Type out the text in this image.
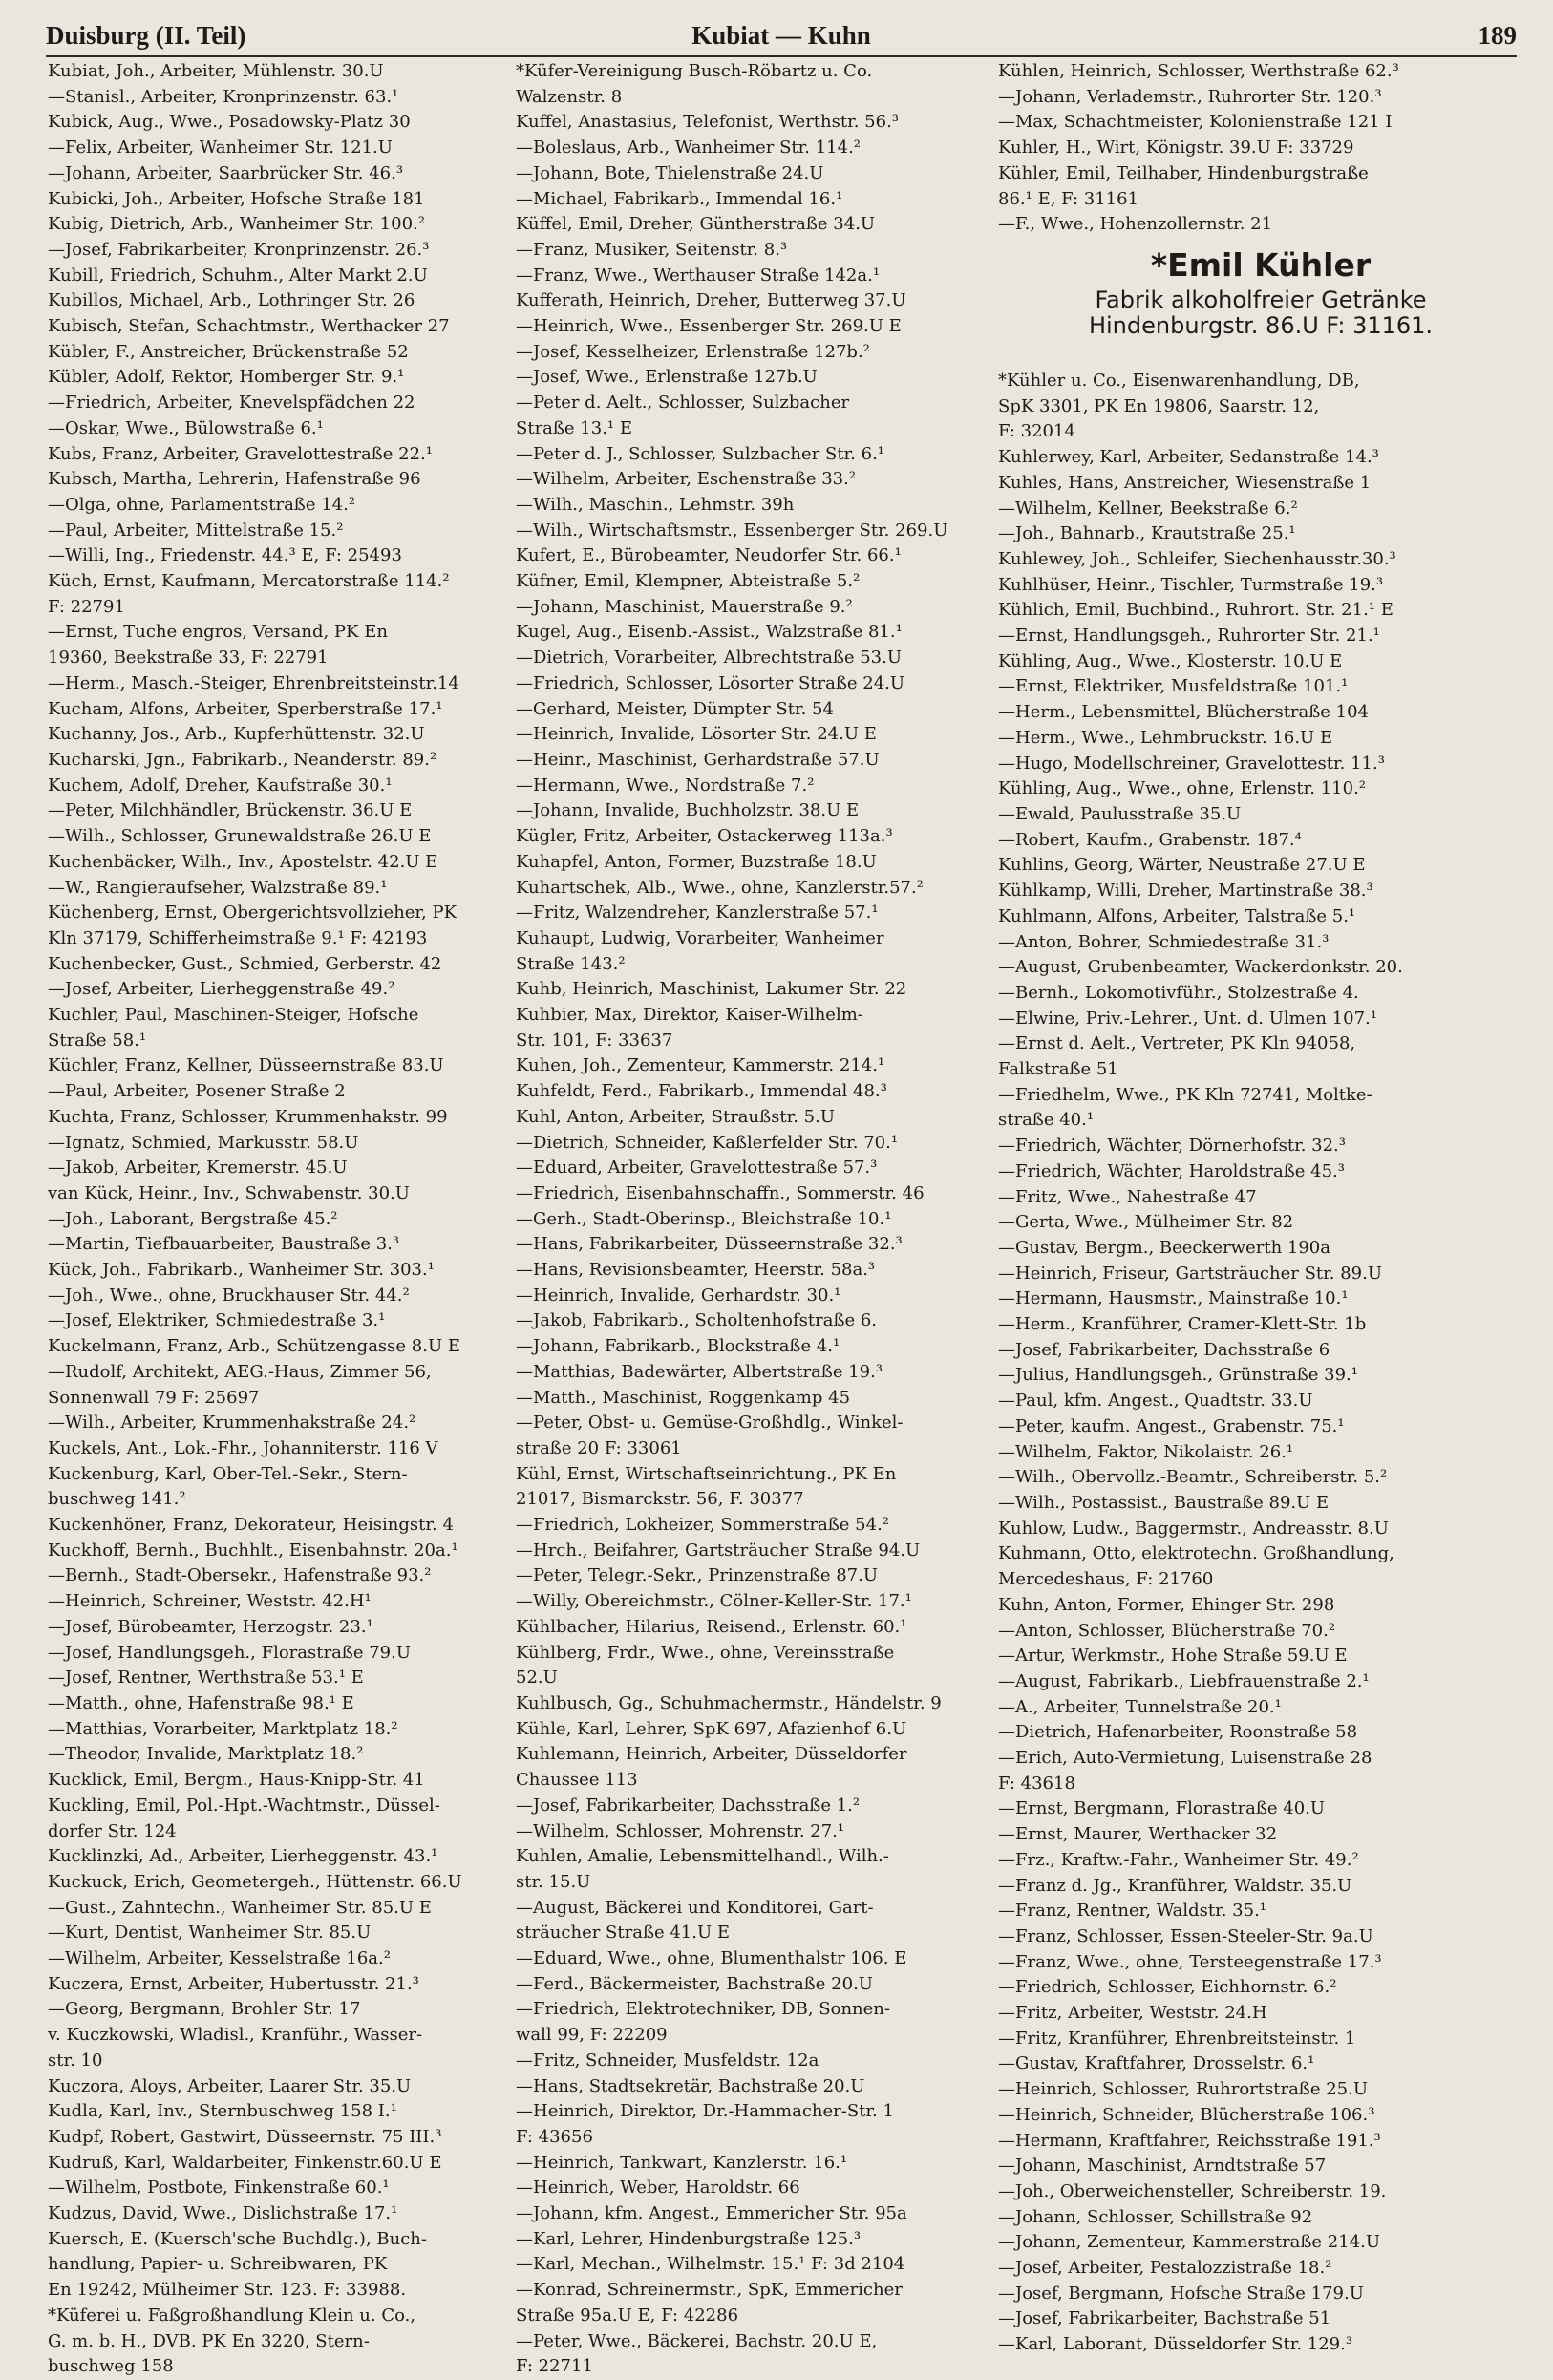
Duisburg (II. Teil)	Kubiat — Kuhn	189
Kubiat, Joh., Arbeiter, Mühlenstr. 30.U
—Stanisl., Arbeiter, Kronprinzenstr. 63.¹
Kubick, Aug., Wwe., Posadowsky-Platz 30
—Felix, Arbeiter, Wanheimer Str. 121.U
—Johann, Arbeiter, Saarbrücker Str. 46.³
Kubicki, Joh., Arbeiter, Hofsche Straße 181
Kubig, Dietrich, Arb., Wanheimer Str. 100.²
—Josef, Fabrikarbeiter, Kronprinzenstr. 26.³
Kubill, Friedrich, Schuhm., Alter Markt 2.U
Kubillos, Michael, Arb., Lothringer Str. 26
Kubisch, Stefan, Schachtmstr., Werthacker 27
Kübler, F., Anstreicher, Brückenstraße 52
Kübler, Adolf, Rektor, Homberger Str. 9.¹
—Friedrich, Arbeiter, Knevelspfädchen 22
—Oskar, Wwe., Bülowstraße 6.¹
Kubs, Franz, Arbeiter, Gravelottestraße 22.¹
Kubsch, Martha, Lehrerin, Hafenstraße 96
—Olga, ohne, Parlamentstraße 14.²
—Paul, Arbeiter, Mittelstraße 15.²
—Willi, Ing., Friedenstr. 44.³ E, F: 25493
Küch, Ernst, Kaufmann, Mercatorstraße 114.²
F: 22791
—Ernst, Tuche engros, Versand, PK En
19360, Beekstraße 33, F: 22791
—Herm., Masch.-Steiger, Ehrenbreitsteinstr.14
Kucham, Alfons, Arbeiter, Sperberstraße 17.¹
Kuchanny, Jos., Arb., Kupferhüttenstr. 32.U
Kucharski, Jgn., Fabrikarb., Neanderstr. 89.²
Kuchem, Adolf, Dreher, Kaufstraße 30.¹
—Peter, Milchhändler, Brückenstr. 36.U E
—Wilh., Schlosser, Grunewaldstraße 26.U E
Kuchenbäcker, Wilh., Inv., Apostelstr. 42.U E
—W., Rangieraufseher, Walzstraße 89.¹
Küchenberg, Ernst, Obergerichtsvollzieher, PK
Kln 37179, Schifferheimstraße 9.¹ F: 42193
Kuchenbecker, Gust., Schmied, Gerberstr. 42
—Josef, Arbeiter, Lierheggenstraße 49.²
Kuchler, Paul, Maschinen-Steiger, Hofsche
Straße 58.¹
Küchler, Franz, Kellner, Düsseernstraße 83.U
—Paul, Arbeiter, Posener Straße 2
Kuchta, Franz, Schlosser, Krummenhakstr. 99
—Ignatz, Schmied, Markusstr. 58.U
—Jakob, Arbeiter, Kremerstr. 45.U
van Kück, Heinr., Inv., Schwabenstr. 30.U
—Joh., Laborant, Bergstraße 45.²
—Martin, Tiefbauarbeiter, Baustraße 3.³
Kück, Joh., Fabrikarb., Wanheimer Str. 303.¹
—Joh., Wwe., ohne, Bruckhauser Str. 44.²
—Josef, Elektriker, Schmiedestraße 3.¹
Kuckelmann, Franz, Arb., Schützengasse 8.U E
—Rudolf, Architekt, AEG.-Haus, Zimmer 56,
Sonnenwall 79 F: 25697
—Wilh., Arbeiter, Krummenhakstraße 24.²
Kuckels, Ant., Lok.-Fhr., Johanniterstr. 116 V
Kuckenburg, Karl, Ober-Tel.-Sekr., Stern-
buschweg 141.²
Kuckenhöner, Franz, Dekorateur, Heisingstr. 4
Kuckhoff, Bernh., Buchhlt., Eisenbahnstr. 20a.¹
—Bernh., Stadt-Obersekr., Hafenstraße 93.²
—Heinrich, Schreiner, Weststr. 42.H¹
—Josef, Bürobeamter, Herzogstr. 23.¹
—Josef, Handlungsgeh., Florastraße 79.U
—Josef, Rentner, Werthstraße 53.¹ E
—Matth., ohne, Hafenstraße 98.¹ E
—Matthias, Vorarbeiter, Marktplatz 18.²
—Theodor, Invalide, Marktplatz 18.²
Kucklick, Emil, Bergm., Haus-Knipp-Str. 41
Kuckling, Emil, Pol.-Hpt.-Wachtmstr., Düssel-
dorfer Str. 124
Kucklinzki, Ad., Arbeiter, Lierheggenstr. 43.¹
Kuckuck, Erich, Geometergeh., Hüttenstr. 66.U
—Gust., Zahntechn., Wanheimer Str. 85.U E
—Kurt, Dentist, Wanheimer Str. 85.U
—Wilhelm, Arbeiter, Kesselstraße 16a.²
Kuczera, Ernst, Arbeiter, Hubertusstr. 21.³
—Georg, Bergmann, Brohler Str. 17
v. Kuczkowski, Wladisl., Kranführ., Wasser-
str. 10
Kuczora, Aloys, Arbeiter, Laarer Str. 35.U
Kudla, Karl, Inv., Sternbuschweg 158 I.¹
Kudpf, Robert, Gastwirt, Düsseernstr. 75 III.³
Kudruß, Karl, Waldarbeiter, Finkenstr.60.U E
—Wilhelm, Postbote, Finkenstraße 60.¹
Kudzus, David, Wwe., Dislichstraße 17.¹
Kuersch, E. (Kuersch'sche Buchdlg.), Buch-
handlung, Papier- u. Schreibwaren, PK
En 19242, Mülheimer Str. 123. F: 33988.
*Küferei u. Faßgroßhandlung Klein u. Co.,
G. m. b. H., DVB. PK En 3220, Stern-
buschweg 158
*Küfer-Vereinigung Busch-Röbartz u. Co.
Walzenstr. 8
Kuffel, Anastasius, Telefonist, Werthstr. 56.³
—Boleslaus, Arb., Wanheimer Str. 114.²
—Johann, Bote, Thielenstraße 24.U
—Michael, Fabrikarb., Immendal 16.¹
Küffel, Emil, Dreher, Güntherstraße 34.U
—Franz, Musiker, Seitenstr. 8.³
—Franz, Wwe., Werthauser Straße 142a.¹
Kufferath, Heinrich, Dreher, Butterweg 37.U
—Heinrich, Wwe., Essenberger Str. 269.U E
—Josef, Kesselheizer, Erlenstraße 127b.²
—Josef, Wwe., Erlenstraße 127b.U
—Peter d. Aelt., Schlosser, Sulzbacher
Straße 13.¹ E
—Peter d. J., Schlosser, Sulzbacher Str. 6.¹
—Wilhelm, Arbeiter, Eschenstraße 33.²
—Wilh., Maschin., Lehmstr. 39h
—Wilh., Wirtschaftsmstr., Essenberger Str. 269.U
Kufert, E., Bürobeamter, Neudorfer Str. 66.¹
Küfner, Emil, Klempner, Abteistraße 5.²
—Johann, Maschinist, Mauerstraße 9.²
Kugel, Aug., Eisenb.-Assist., Walzstraße 81.¹
—Dietrich, Vorarbeiter, Albrechtstraße 53.U
—Friedrich, Schlosser, Lösorter Straße 24.U
—Gerhard, Meister, Dümpter Str. 54
—Heinrich, Invalide, Lösorter Str. 24.U E
—Heinr., Maschinist, Gerhardstraße 57.U
—Hermann, Wwe., Nordstraße 7.²
—Johann, Invalide, Buchholzstr. 38.U E
Kügler, Fritz, Arbeiter, Ostackerweg 113a.³
Kuhapfel, Anton, Former, Buzstraße 18.U
Kuhartschek, Alb., Wwe., ohne, Kanzlerstr.57.²
—Fritz, Walzendreher, Kanzlerstraße 57.¹
Kuhaupt, Ludwig, Vorarbeiter, Wanheimer
Straße 143.²
Kuhb, Heinrich, Maschinist, Lakumer Str. 22
Kuhbier, Max, Direktor, Kaiser-Wilhelm-
Str. 101, F: 33637
Kuhen, Joh., Zementeur, Kammerstr. 214.¹
Kuhfeldt, Ferd., Fabrikarb., Immendal 48.³
Kuhl, Anton, Arbeiter, Straußstr. 5.U
—Dietrich, Schneider, Kaßlerfelder Str. 70.¹
—Eduard, Arbeiter, Gravelottestraße 57.³
—Friedrich, Eisenbahnschaffn., Sommerstr. 46
—Gerh., Stadt-Oberinsp., Bleichstraße 10.¹
—Hans, Fabrikarbeiter, Düsseernstraße 32.³
—Hans, Revisionsbeamter, Heerstr. 58a.³
—Heinrich, Invalide, Gerhardstr. 30.¹
—Jakob, Fabrikarb., Scholtenhofstraße 6.
—Johann, Fabrikarb., Blockstraße 4.¹
—Matthias, Badewärter, Albertstraße 19.³
—Matth., Maschinist, Roggenkamp 45
—Peter, Obst- u. Gemüse-Großhdlg., Winkel-
straße 20 F: 33061
Kühl, Ernst, Wirtschaftseinrichtung., PK En
21017, Bismarckstr. 56, F. 30377
—Friedrich, Lokheizer, Sommerstraße 54.²
—Hrch., Beifahrer, Gartsträucher Straße 94.U
—Peter, Telegr.-Sekr., Prinzenstraße 87.U
—Willy, Obereichmstr., Cölner-Keller-Str. 17.¹
Kühlbacher, Hilarius, Reisend., Erlenstr. 60.¹
Kühlberg, Frdr., Wwe., ohne, Vereinsstraße
52.U
Kuhlbusch, Gg., Schuhmachermstr., Händelstr. 9
Kühle, Karl, Lehrer, SpK 697, Afazienhof 6.U
Kuhlemann, Heinrich, Arbeiter, Düsseldorfer
Chaussee 113
—Josef, Fabrikarbeiter, Dachsstraße 1.²
—Wilhelm, Schlosser, Mohrenstr. 27.¹
Kuhlen, Amalie, Lebensmittelhandl., Wilh.-
str. 15.U
—August, Bäckerei und Konditorei, Gart-
sträucher Straße 41.U E
—Eduard, Wwe., ohne, Blumenthalstr 106. E
—Ferd., Bäckermeister, Bachstraße 20.U
—Friedrich, Elektrotechniker, DB, Sonnen-
wall 99, F: 22209
—Fritz, Schneider, Musfeldstr. 12a
—Hans, Stadtsekretär, Bachstraße 20.U
—Heinrich, Direktor, Dr.-Hammacher-Str. 1
F: 43656
—Heinrich, Tankwart, Kanzlerstr. 16.¹
—Heinrich, Weber, Haroldstr. 66
—Johann, kfm. Angest., Emmericher Str. 95a
—Karl, Lehrer, Hindenburgstraße 125.³
—Karl, Mechan., Wilhelmstr. 15.¹ F: 3d 2104
—Konrad, Schreinermstr., SpK, Emmericher
Straße 95a.U E, F: 42286
—Peter, Wwe., Bäckerei, Bachstr. 20.U E,
F: 22711
Kühlen, Heinrich, Schlosser, Werthstraße 62.³
—Johann, Verlademstr., Ruhrorter Str. 120.³
—Max, Schachtmeister, Kolonienstraße 121 I
Kuhler, H., Wirt, Königstr. 39.U F: 33729
Kühler, Emil, Teilhaber, Hindenburgstraße
86.¹ E, F: 31161
—F., Wwe., Hohenzollernstr. 21
*Emil Kühler
Fabrik alkoholfreier Getränke
Hindenburgstr. 86.U F: 31161.
*Kühler u. Co., Eisenwarenhandlung, DB,
SpK 3301, PK En 19806, Saarstr. 12,
F: 32014
Kuhlerwey, Karl, Arbeiter, Sedanstraße 14.³
Kuhles, Hans, Anstreicher, Wiesenstraße 1
—Wilhelm, Kellner, Beekstraße 6.²
—Joh., Bahnarb., Krautstraße 25.¹
Kuhlewey, Joh., Schleifer, Siechenhausstr.30.³
Kuhlhüser, Heinr., Tischler, Turmstraße 19.³
Kühlich, Emil, Buchbind., Ruhrort. Str. 21.¹ E
—Ernst, Handlungsgeh., Ruhrorter Str. 21.¹
Kühling, Aug., Wwe., Klosterstr. 10.U E
—Ernst, Elektriker, Musfeldstraße 101.¹
—Herm., Lebensmittel, Blücherstraße 104
—Herm., Wwe., Lehmbruckstr. 16.U E
—Hugo, Modellschreiner, Gravelottestr. 11.³
Kühling, Aug., Wwe., ohne, Erlenstr. 110.²
—Ewald, Paulusstraße 35.U
—Robert, Kaufm., Grabenstr. 187.⁴
Kuhlins, Georg, Wärter, Neustraße 27.U E
Kühlkamp, Willi, Dreher, Martinstraße 38.³
Kuhlmann, Alfons, Arbeiter, Talstraße 5.¹
—Anton, Bohrer, Schmiedestraße 31.³
—August, Grubenbeamter, Wackerdonkstr. 20.
—Bernh., Lokomotivführ., Stolzestraße 4.
—Elwine, Priv.-Lehrer., Unt. d. Ulmen 107.¹
—Ernst d. Aelt., Vertreter, PK Kln 94058,
Falkstraße 51
—Friedhelm, Wwe., PK Kln 72741, Moltke-
straße 40.¹
—Friedrich, Wächter, Dörnerhofstr. 32.³
—Friedrich, Wächter, Haroldstraße 45.³
—Fritz, Wwe., Nahestraße 47
—Gerta, Wwe., Mülheimer Str. 82
—Gustav, Bergm., Beeckerwerth 190a
—Heinrich, Friseur, Gartsträucher Str. 89.U
—Hermann, Hausmstr., Mainstraße 10.¹
—Herm., Kranführer, Cramer-Klett-Str. 1b
—Josef, Fabrikarbeiter, Dachsstraße 6
—Julius, Handlungsgeh., Grünstraße 39.¹
—Paul, kfm. Angest., Quadtstr. 33.U
—Peter, kaufm. Angest., Grabenstr. 75.¹
—Wilhelm, Faktor, Nikolaistr. 26.¹
—Wilh., Obervollz.-Beamtr., Schreiberstr. 5.²
—Wilh., Postassist., Baustraße 89.U E
Kuhlow, Ludw., Baggermstr., Andreasstr. 8.U
Kuhmann, Otto, elektrotechn. Großhandlung,
Mercedeshaus, F: 21760
Kuhn, Anton, Former, Ehinger Str. 298
—Anton, Schlosser, Blücherstraße 70.²
—Artur, Werkmstr., Hohe Straße 59.U E
—August, Fabrikarb., Liebfrauenstraße 2.¹
—A., Arbeiter, Tunnelstraße 20.¹
—Dietrich, Hafenarbeiter, Roonstraße 58
—Erich, Auto-Vermietung, Luisenstraße 28
F: 43618
—Ernst, Bergmann, Florastraße 40.U
—Ernst, Maurer, Werthacker 32
—Frz., Kraftw.-Fahr., Wanheimer Str. 49.²
—Franz d. Jg., Kranführer, Waldstr. 35.U
—Franz, Rentner, Waldstr. 35.¹
—Franz, Schlosser, Essen-Steeler-Str. 9a.U
—Franz, Wwe., ohne, Tersteegenstraße 17.³
—Friedrich, Schlosser, Eichhornstr. 6.²
—Fritz, Arbeiter, Weststr. 24.H
—Fritz, Kranführer, Ehrenbreitsteinstr. 1
—Gustav, Kraftfahrer, Drosselstr. 6.¹
—Heinrich, Schlosser, Ruhrortstraße 25.U
—Heinrich, Schneider, Blücherstraße 106.³
—Hermann, Kraftfahrer, Reichsstraße 191.³
—Johann, Maschinist, Arndtstraße 57
—Joh., Oberweichensteller, Schreiberstr. 19.
—Johann, Schlosser, Schillstraße 92
—Johann, Zementeur, Kammerstraße 214.U
—Josef, Arbeiter, Pestalozzistraße 18.²
—Josef, Bergmann, Hofsche Straße 179.U
—Josef, Fabrikarbeiter, Bachstraße 51
—Karl, Laborant, Düsseldorfer Str. 129.³
